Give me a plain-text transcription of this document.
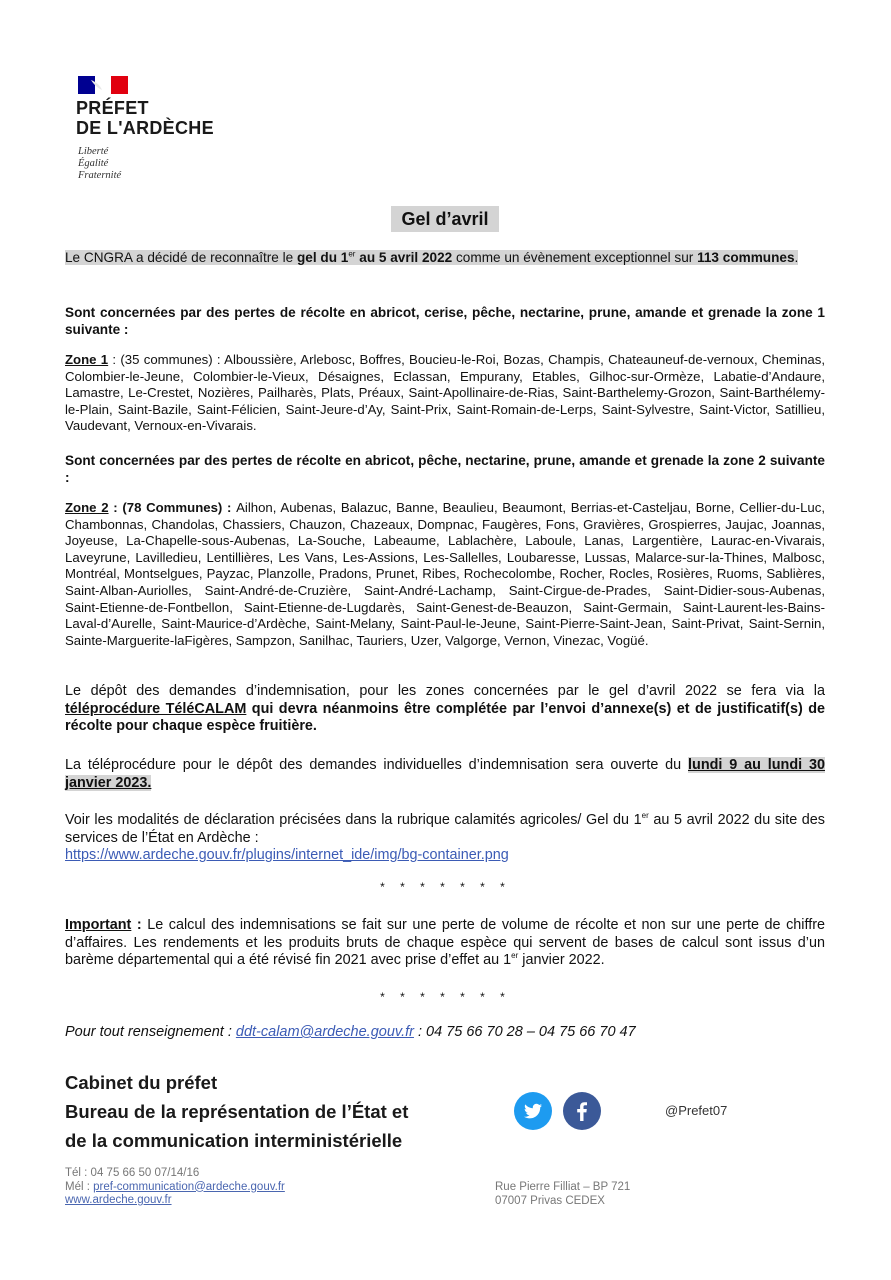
PRÉFET
DE L'ARDÈCHE
Liberté
Égalité
Fraternité
Gel d’avril
Le CNGRA a décidé de reconnaître le gel du 1er au 5 avril 2022 comme un évènement exceptionnel sur 113 communes.
Sont concernées par des pertes de récolte en abricot, cerise, pêche, nectarine, prune, amande et grenade la zone 1 suivante :
Zone 1 : (35 communes) : Alboussière, Arlebosc, Boffres, Boucieu-le-Roi, Bozas, Champis, Chateauneuf-de-vernoux, Cheminas, Colombier-le-Jeune, Colombier-le-Vieux, Désaignes, Eclassan, Empurany, Etables, Gilhoc-sur-Ormèze, Labatie-d’Andaure, Lamastre, Le-Crestet, Nozières, Pailharès, Plats, Préaux, Saint-Apollinaire-de-Rias, Saint-Barthelemy-Grozon, Saint-Barthélemy-le-Plain, Saint-Bazile, Saint-Félicien, Saint-Jeure-d’Ay, Saint-Prix, Saint-Romain-de-Lerps, Saint-Sylvestre, Saint-Victor, Satillieu, Vaudevant, Vernoux-en-Vivarais.
Sont concernées par des pertes de récolte en abricot, pêche, nectarine, prune, amande et grenade la zone 2 suivante :
Zone 2 : (78 Communes) : Ailhon, Aubenas, Balazuc, Banne, Beaulieu, Beaumont, Berrias-et-Casteljau, Borne, Cellier-du-Luc, Chambonnas, Chandolas, Chassiers, Chauzon, Chazeaux, Dompnac, Faugères, Fons, Gravières, Grospierres, Jaujac, Joannas, Joyeuse, La-Chapelle-sous-Aubenas, La-Souche, Labeaume, Lablachère, Laboule, Lanas, Largentière, Laurac-en-Vivarais, Laveyrune, Lavilledieu, Lentillières, Les Vans, Les-Assions, Les-Sallelles, Loubaresse, Lussas, Malarce-sur-la-Thines, Malbosc, Montréal, Montselgues, Payzac, Planzolle, Pradons, Prunet, Ribes, Rochecolombe, Rocher, Rocles, Rosières, Ruoms, Sablières, Saint-Alban-Auriolles, Saint-André-de-Cruzière, Saint-André-Lachamp, Saint-Cirgue-de-Prades, Saint-Didier-sous-Aubenas, Saint-Etienne-de-Fontbellon, Saint-Etienne-de-Lugdarès, Saint-Genest-de-Beauzon, Saint-Germain, Saint-Laurent-les-Bains-Laval-d’Aurelle, Saint-Maurice-d’Ardèche, Saint-Melany, Saint-Paul-le-Jeune, Saint-Pierre-Saint-Jean, Saint-Privat, Saint-Sernin, Sainte-Marguerite-laFigères, Sampzon, Sanilhac, Tauriers, Uzer, Valgorge, Vernon, Vinezac, Vogüé.
Le dépôt des demandes d’indemnisation, pour les zones concernées par le gel d’avril 2022 se fera via la téléprocédure TéléCALAM qui devra néanmoins être complétée par l’envoi d’annexe(s) et de justificatif(s) de récolte pour chaque espèce fruitière.
La téléprocédure pour le dépôt des demandes individuelles d’indemnisation sera ouverte du lundi 9 au lundi 30 janvier 2023.
Voir les modalités de déclaration précisées dans la rubrique calamités agricoles/ Gel du 1er au 5 avril 2022 du site des services de l’État en Ardèche :
https://www.ardeche.gouv.fr/plugins/internet_ide/img/bg-container.png
* * * * * * *
Important : Le calcul des indemnisations se fait sur une perte de volume de récolte et non sur une perte de chiffre d’affaires. Les rendements et les produits bruts de chaque espèce qui servent de bases de calcul sont issus d’un barème départemental qui a été révisé fin 2021 avec prise d’effet au 1er janvier 2022.
* * * * * * *
Pour tout renseignement : ddt-calam@ardeche.gouv.fr : 04 75 66 70 28 – 04 75 66 70 47
Cabinet du préfet
Bureau de la représentation de l’État et
de la communication interministérielle
@Prefet07
Tél : 04 75 66 50 07/14/16
Mél : pref-communication@ardeche.gouv.fr
www.ardeche.gouv.fr
Rue Pierre Filliat – BP 721
07007 Privas CEDEX
